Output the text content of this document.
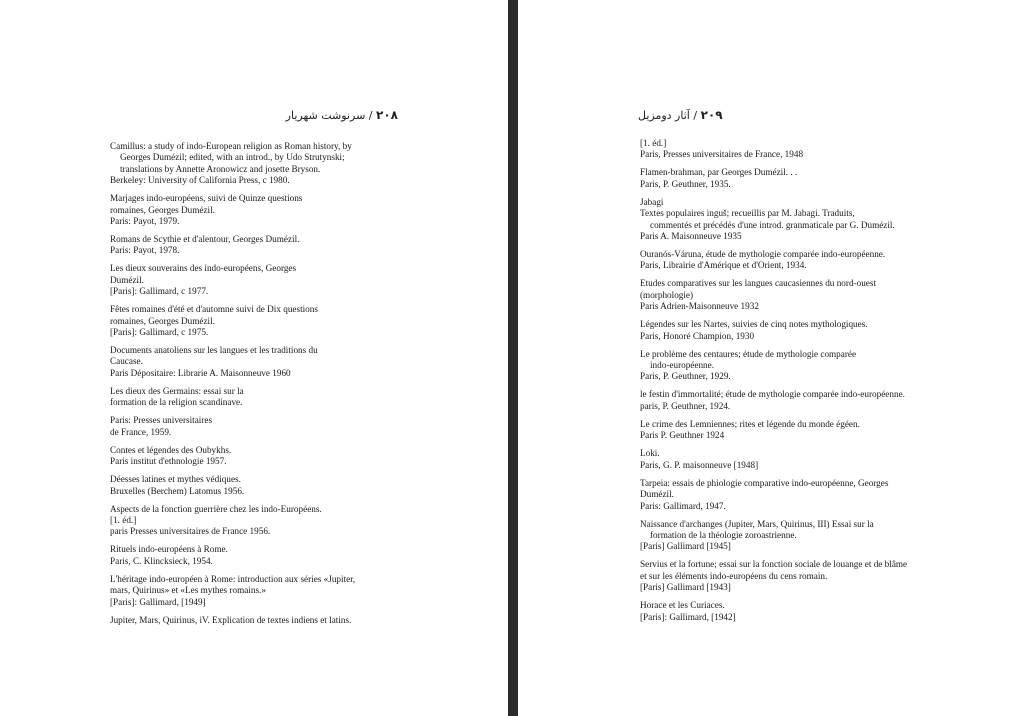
۲۰۸ / سرنوشت شهریار
Camillus: a study of indo-European religion as Roman history, by
Georges Dumézil; edited, with an introd., by Udo Strutynski;
translations by Annette Aronowicz and josette Bryson.
Berkeley: University of California Press, c 1980.
Marjages indo-européens, suivi de Quinze questions
romaines, Georges Dumézil.
Paris: Payot, 1979.
Romans de Scythie et d'alentour, Georges Dumézil.
Paris: Payot, 1978.
Les dieux souverains des indo-européens, Georges
Dumézil.
[Paris]: Gallimard, c 1977.
Fêtes romaines d'été et d'automne suivi de Dix questions
romaines, Georges Dumézil.
[Paris]: Gallimard, c 1975.
Documents anatoliens sur les langues et les traditions du
Caucase.
Paris Dépositaire: Librarie A. Maisonneuve 1960
Les dieux des Germains: essai sur la
formation de la religion scandinave.
Paris: Presses universitaires
de France, 1959.
Contes et légendes des Oubykhs.
Paris institut d'ethnologie 1957.
Déesses latines et mythes védiques.
Bruxelles (Berchem) Latomus 1956.
Aspects de la fonction guerrière chez les indo-Européens.
[1. éd.]
paris Presses universitaires de France 1956.
Rituels indo-européens à Rome.
Paris, C. Klincksieck, 1954.
L'héritage indo-européen à Rome: introduction aux séries «Jupiter,
mars, Quirinus» et «Les mythes romains.»
[Paris]: Gallimard, [1949]
Jupiter, Mars, Quirinus, iV. Explication de textes indiens et latins.
۲۰۹ / آثار دومزیل
[1. éd.]
Paris, Presses universitaires de France, 1948
Flamen-brahman, par Georges Dumézil. . .
Paris, P. Geuthner, 1935.
Jabagi
Textes populaires inguš; recueillis par M. Jabagi. Traduits,
commentés et précédés d'une introd. granmaticale par G. Dumézil.
Paris A. Maisonneuve 1935
Ouranós-Váruna, étude de mythologie comparée indo-européenne.
Paris, Librairie d'Amérique et d'Orient, 1934.
Etudes comparatives sur les langues caucasiennes du nord-ouest
(morphologie)
Paris Adrien-Maisonneuve 1932
Légendes sur les Nartes, suivies de cinq notes mythologiques.
Paris, Honoré Champion, 1930
Le problème des centaures; étude de mythologie comparée
indo-européenne.
Paris, P. Geuthner, 1929.
le festin d'immortalité; étude de mythologie comparée indo-européenne.
paris, P. Geuthner, 1924.
Le crime des Lemniennes; rites et légende du monde égéen.
Paris P. Geuthner 1924
Loki.
Paris, G. P. maisonneuve [1948]
Tarpeia: essais de phiologie comparative indo-européenne, Georges
Dumézil.
Paris: Gallimard, 1947.
Naissance d'archanges (Jupiter, Mars, Quirinus, III) Essai sur la
formation de la théologie zoroastrienne.
[Paris] Gallimard [1945]
Servius et la fortune; essai sur la fonction sociale de louange et de blâme
et sur les éléments indo-européens du cens romain.
[Paris] Gallimard [1943]
Horace et les Curiaces.
[Paris]: Gallimard, [1942]
